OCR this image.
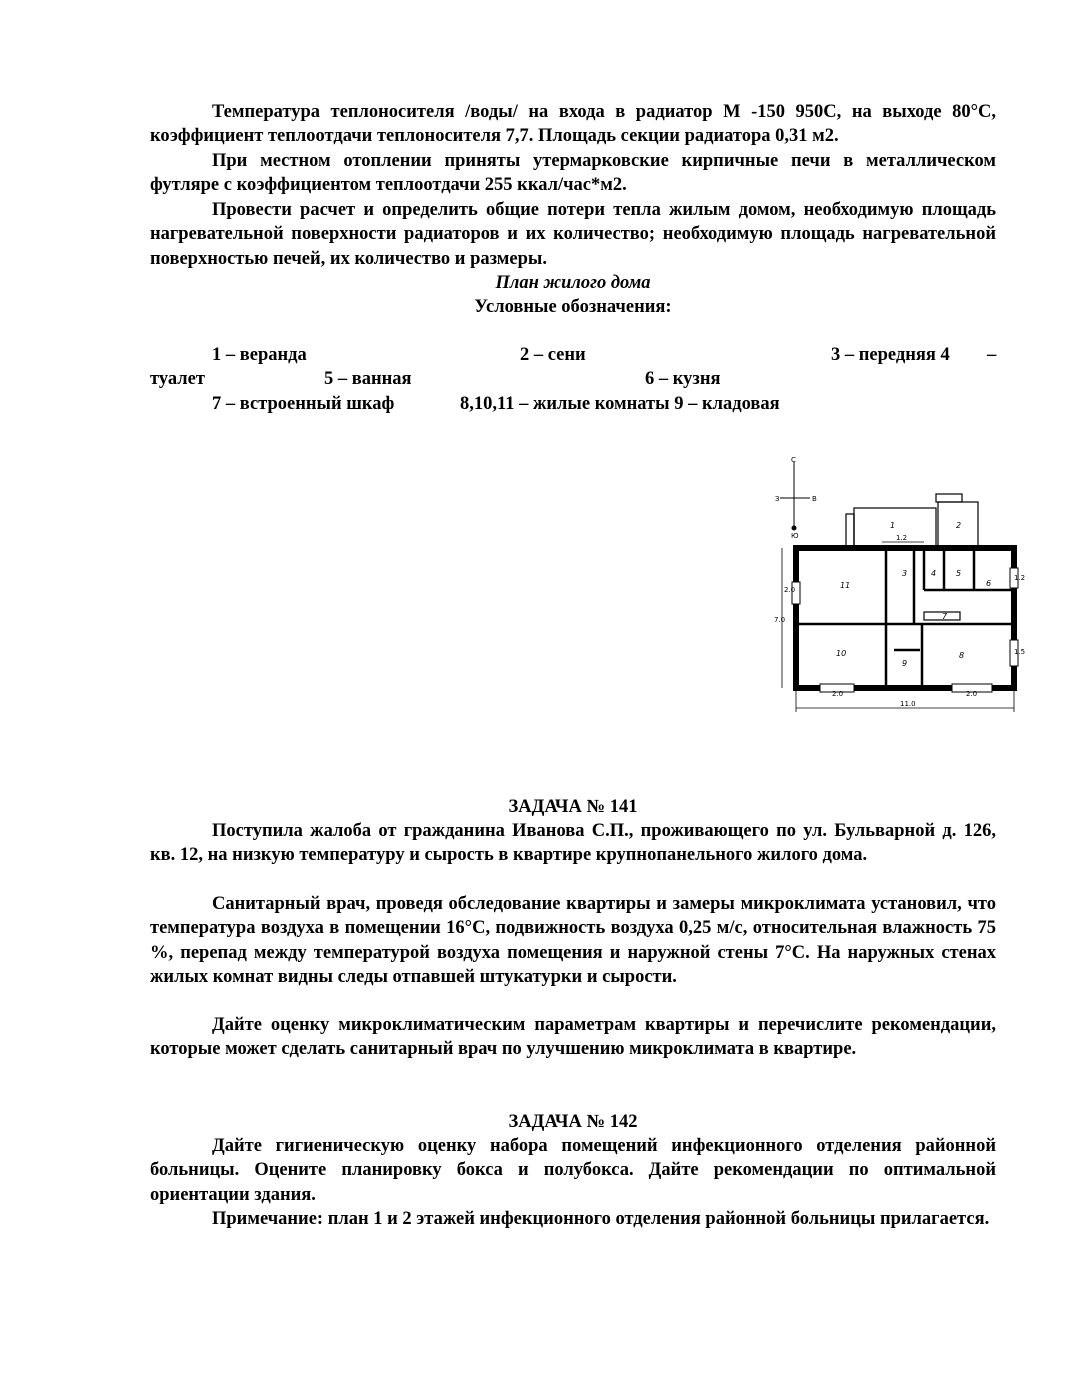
Температура теплоносителя /воды/ на входа в радиатор М -150 950С, на выходе 80°С, коэффициент теплоотдачи теплоносителя 7,7. Площадь секции радиатора 0,31 м2.

При местном отоплении приняты утермарковские кирпичные печи в металлическом футляре с коэффициентом теплоотдачи 255 ккал/час*м2.

Провести расчет и определить общие потери тепла жилым домом, необходимую площадь нагревательной поверхности радиаторов и их количество; необходимую площадь нагревательной поверхностью печей, их количество и размеры.

План жилого дома

Условные обозначения:

1 – веранда	2 – сени	3 – передняя 4 –
туалет	5 – ванная	6 – кузня
7 – встроенный шкаф	8,10,11 – жилые комнаты 9 – кладовая
С
З	В
Ю	1.2
2.0
7.0
1.2
1.5
2.0	2.0
11.0
1	2
3	4 5
6
7
8
9
10
11

ЗАДАЧА № 141

Поступила жалоба от гражданина Иванова С.П., проживающего по ул. Бульварной д. 126, кв. 12, на низкую температуру и сырость в квартире крупнопанельного жилого дома.

Санитарный врач, проведя обследование квартиры и замеры микроклимата установил, что температура воздуха в помещении 16°С, подвижность воздуха 0,25 м/с, относительная влажность 75 %, перепад между температурой воздуха помещения и наружной стены 7°С. На наружных стенах жилых комнат видны следы отпавшей штукатурки и сырости.

Дайте оценку микроклиматическим параметрам квартиры и перечислите рекомендации, которые может сделать санитарный врач по улучшению микроклимата в квартире.

ЗАДАЧА № 142

Дайте гигиеническую оценку набора помещений инфекционного отделения районной больницы. Оцените планировку бокса и полубокса. Дайте рекомендации по оптимальной ориентации здания.

Примечание: план 1 и 2 этажей инфекционного отделения районной больницы прилагается.
